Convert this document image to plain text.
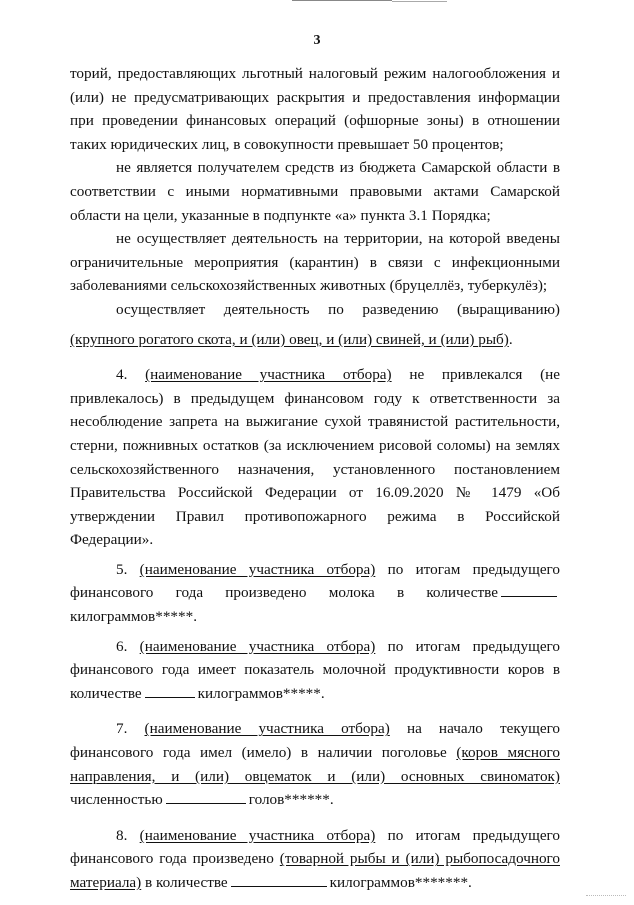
3

торий, предоставляющих льготный налоговый режим налогообложения и (или) не предусматривающих раскрытия и предоставления информации при проведении финансовых операций (офшорные зоны) в отношении таких юридических лиц, в совокупности превышает 50 процентов;

не является получателем средств из бюджета Самарской области в соответствии с иными нормативными правовыми актами Самарской области на цели, указанные в подпункте «а» пункта 3.1 Порядка;

не осуществляет деятельность на территории, на которой введены ограничительные мероприятия (карантин) в связи с инфекционными заболеваниями сельскохозяйственных животных (бруцеллёз, туберкулёз);

осуществляет деятельность по разведению (выращиванию)

(крупного рогатого скота, и (или) овец, и (или) свиней, и (или) рыб).

4. (наименование участника отбора) не привлекался (не привлекалось) в предыдущем финансовом году к ответственности за несоблюдение запрета на выжигание сухой травянистой растительности, стерни, пожнивных остатков (за исключением рисовой соломы) на землях сельскохозяйственного назначения, установленного постановлением Правительства Российской Федерации от 16.09.2020 № 1479 «Об утверждении Правил противопожарного режима в Российской Федерации».

5. (наименование участника отбора) по итогам предыдущего финансового года произведено молока в количествекилограммов*****.

6. (наименование участника отбора) по итогам предыдущего финансового года имеет показатель молочной продуктивности коров в количестве	килограммов*****.

7. (наименование участника отбора) на начало текущего финансового года имел (имело) в наличии поголовье (коров мясного направления, и (или) овцематок и (или) основных свиноматок) численностью	голов******.

8. (наименование участника отбора) по итогам предыдущего финансового года произведено (товарной рыбы и (или) рыбопосадочного материала) в количестве	килограммов*******.
